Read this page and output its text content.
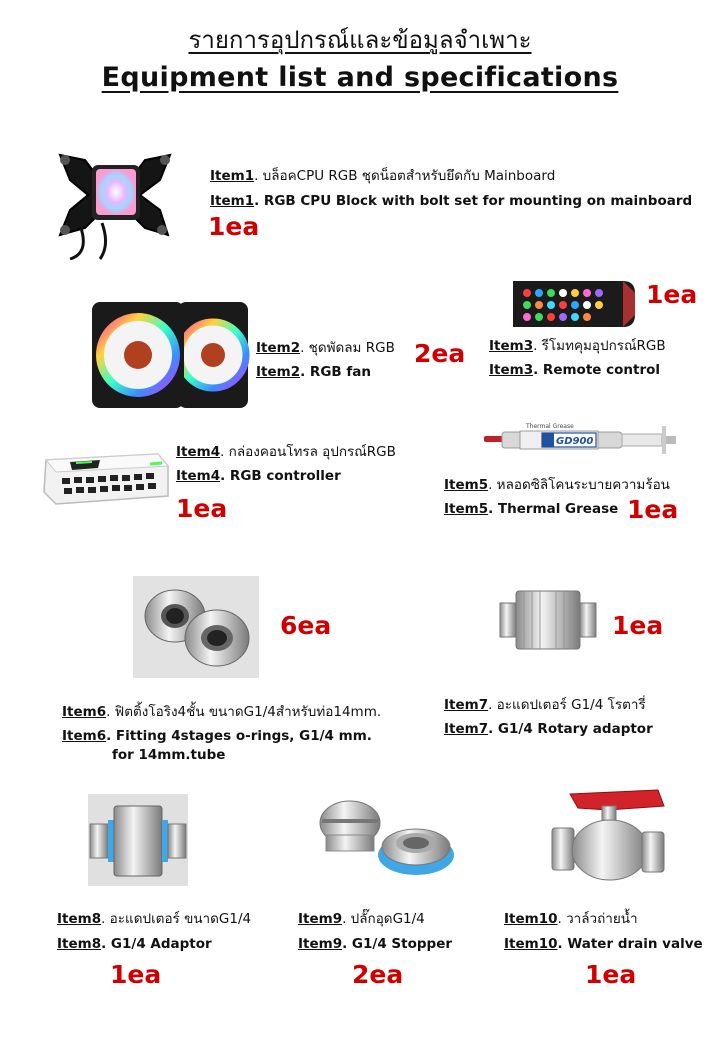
รายการอุปกรณ์และข้อมูลจำเพาะ
Equipment list and specifications
Item1. บล็อคCPU RGB ชุดน็อตสำหรับยึดกับ Mainboard
Item1. RGB CPU Block with bolt set for mounting on mainboard
1ea
Item2. ชุดพัดลม RGB
Item2. RGB fan
2ea
1ea
Item3. รีโมทคุมอุปกรณ์RGB
Item3. Remote control
Item4. กล่องคอนโทรล อุปกรณ์RGB
Item4. RGB controller
1ea
Thermal Grease
GD900
Item5. หลอดซิลิโคนระบายความร้อน
Item5. Thermal Grease 1ea
6ea
Item6. ฟิตติ้งโอริง4ชั้น ขนาดG1/4สำหรับท่อ14mm.
Item6. Fitting 4stages o-rings, G1/4 mm.
for 14mm.tube
1ea
Item7. อะแดปเตอร์ G1/4 โรตารี่
Item7. G1/4 Rotary adaptor
Item8. อะแดปเตอร์ ขนาดG1/4
Item8. G1/4 Adaptor
1ea
Item9. ปลั๊กอุดG1/4
Item9. G1/4 Stopper
2ea
Item10. วาล์วถ่ายน้ำ
Item10. Water drain valve
1ea
